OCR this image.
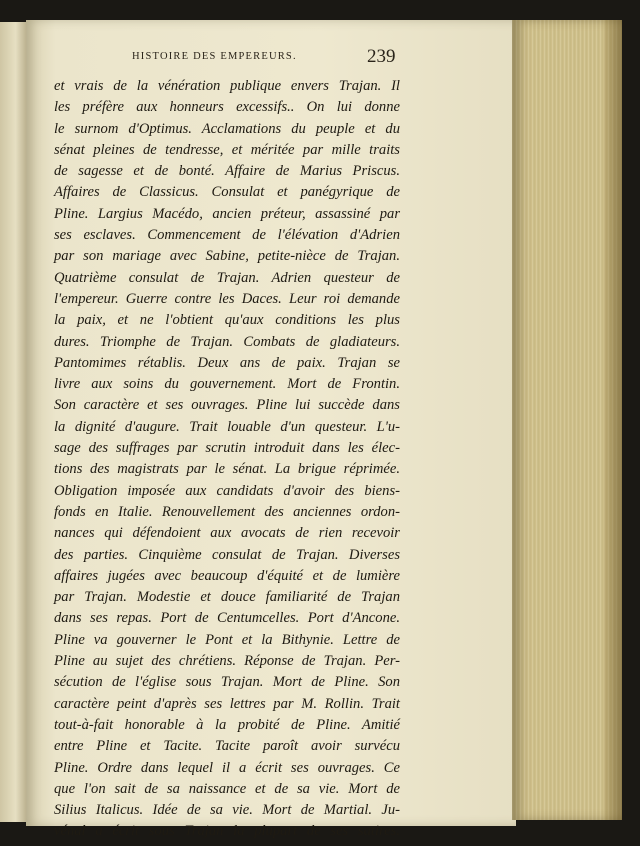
HISTOIRE DES EMPEREURS.	239
et vrais de la vénération publique envers Trajan. Il
les préfère aux honneurs excessifs.. On lui donne
le surnom d'Optimus. Acclamations du peuple et du
sénat pleines de tendresse, et méritée par mille traits
de sagesse et de bonté. Affaire de Marius Priscus.
Affaires de Classicus. Consulat et panégyrique de
Pline. Largius Macédo, ancien préteur, assassiné par
ses esclaves. Commencement de l'élévation d'Adrien
par son mariage avec Sabine, petite-nièce de Trajan.
Quatrième consulat de Trajan. Adrien questeur de
l'empereur. Guerre contre les Daces. Leur roi demande
la paix, et ne l'obtient qu'aux conditions les plus
dures. Triomphe de Trajan. Combats de gladiateurs.
Pantomimes rétablis. Deux ans de paix. Trajan se
livre aux soins du gouvernement. Mort de Frontin.
Son caractère et ses ouvrages. Pline lui succède dans
la dignité d'augure. Trait louable d'un questeur. L'u-
sage des suffrages par scrutin introduit dans les élec-
tions des magistrats par le sénat. La brigue réprimée.
Obligation imposée aux candidats d'avoir des biens-
fonds en Italie. Renouvellement des anciennes ordon-
nances qui défendoient aux avocats de rien recevoir
des parties. Cinquième consulat de Trajan. Diverses
affaires jugées avec beaucoup d'équité et de lumière
par Trajan. Modestie et douce familiarité de Trajan
dans ses repas. Port de Centumcelles. Port d'Ancone.
Pline va gouverner le Pont et la Bithynie. Lettre de
Pline au sujet des chrétiens. Réponse de Trajan. Per-
sécution de l'église sous Trajan. Mort de Pline. Son
caractère peint d'après ses lettres par M. Rollin. Trait
tout-à-fait honorable à la probité de Pline. Amitié
entre Pline et Tacite. Tacite paroît avoir survécu
Pline. Ordre dans lequel il a écrit ses ouvrages. Ce
que l'on sait de sa naissance et de sa vie. Mort de
Silius Italicus. Idée de sa vie. Mort de Martial. Ju-
vénal a écrit sous Trajan la plupart de ses satires.
